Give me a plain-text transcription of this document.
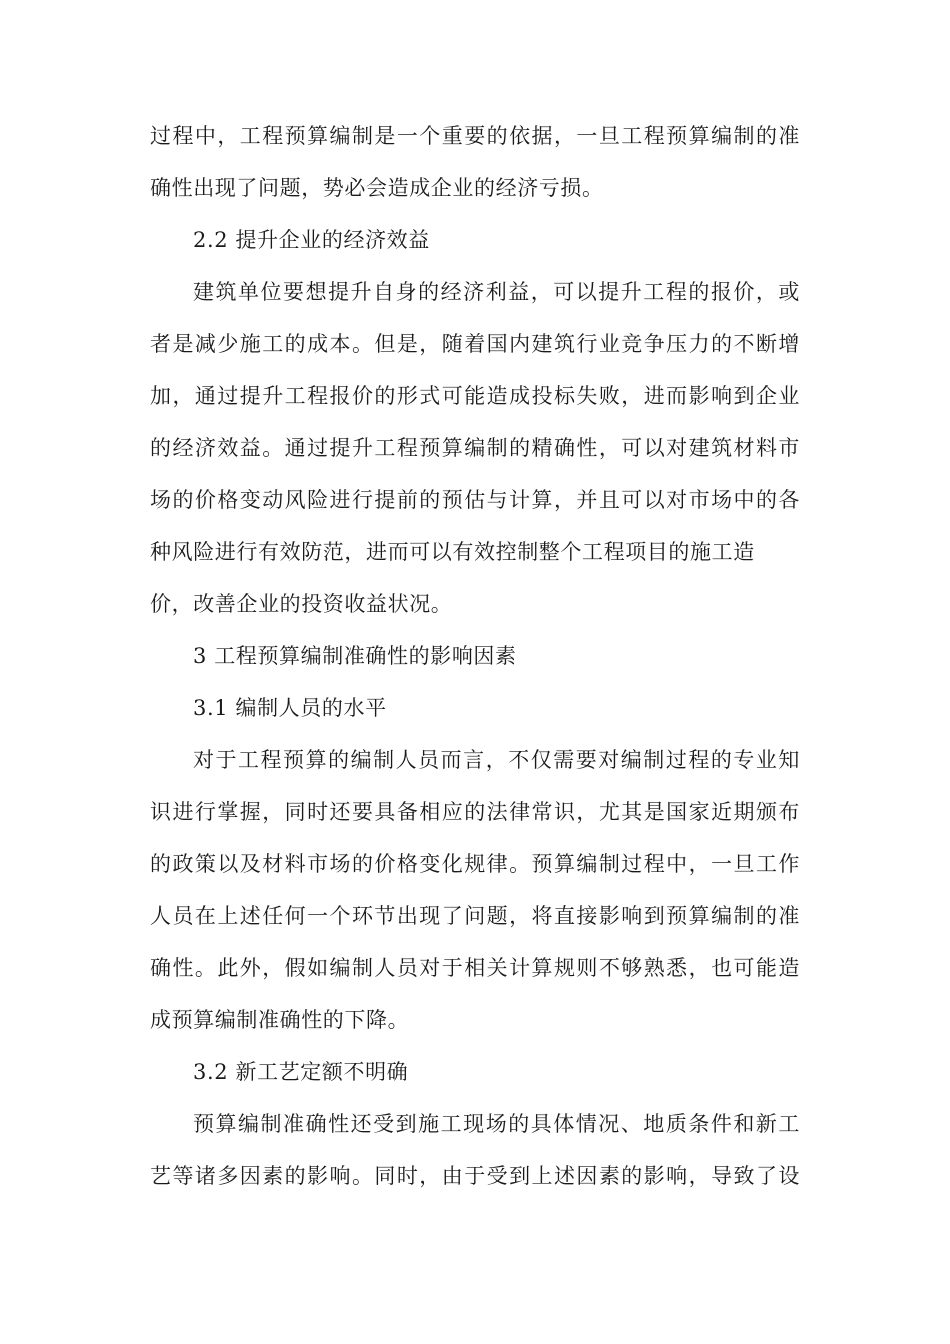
过程中，工程预算编制是一个重要的依据，一旦工程预算编制的准
确性出现了问题，势必会造成企业的经济亏损。
2.2 提升企业的经济效益
建筑单位要想提升自身的经济利益，可以提升工程的报价，或
者是减少施工的成本。但是，随着国内建筑行业竞争压力的不断增
加，通过提升工程报价的形式可能造成投标失败，进而影响到企业
的经济效益。通过提升工程预算编制的精确性，可以对建筑材料市
场的价格变动风险进行提前的预估与计算，并且可以对市场中的各
种风险进行有效防范，进而可以有效控制整个工程项目的施工造
价，改善企业的投资收益状况。
3 工程预算编制准确性的影响因素
3.1 编制人员的水平
对于工程预算的编制人员而言，不仅需要对编制过程的专业知
识进行掌握，同时还要具备相应的法律常识，尤其是国家近期颁布
的政策以及材料市场的价格变化规律。预算编制过程中，一旦工作
人员在上述任何一个环节出现了问题，将直接影响到预算编制的准
确性。此外，假如编制人员对于相关计算规则不够熟悉，也可能造
成预算编制准确性的下降。
3.2 新工艺定额不明确
预算编制准确性还受到施工现场的具体情况、地质条件和新工
艺等诸多因素的影响。同时，由于受到上述因素的影响，导致了设
